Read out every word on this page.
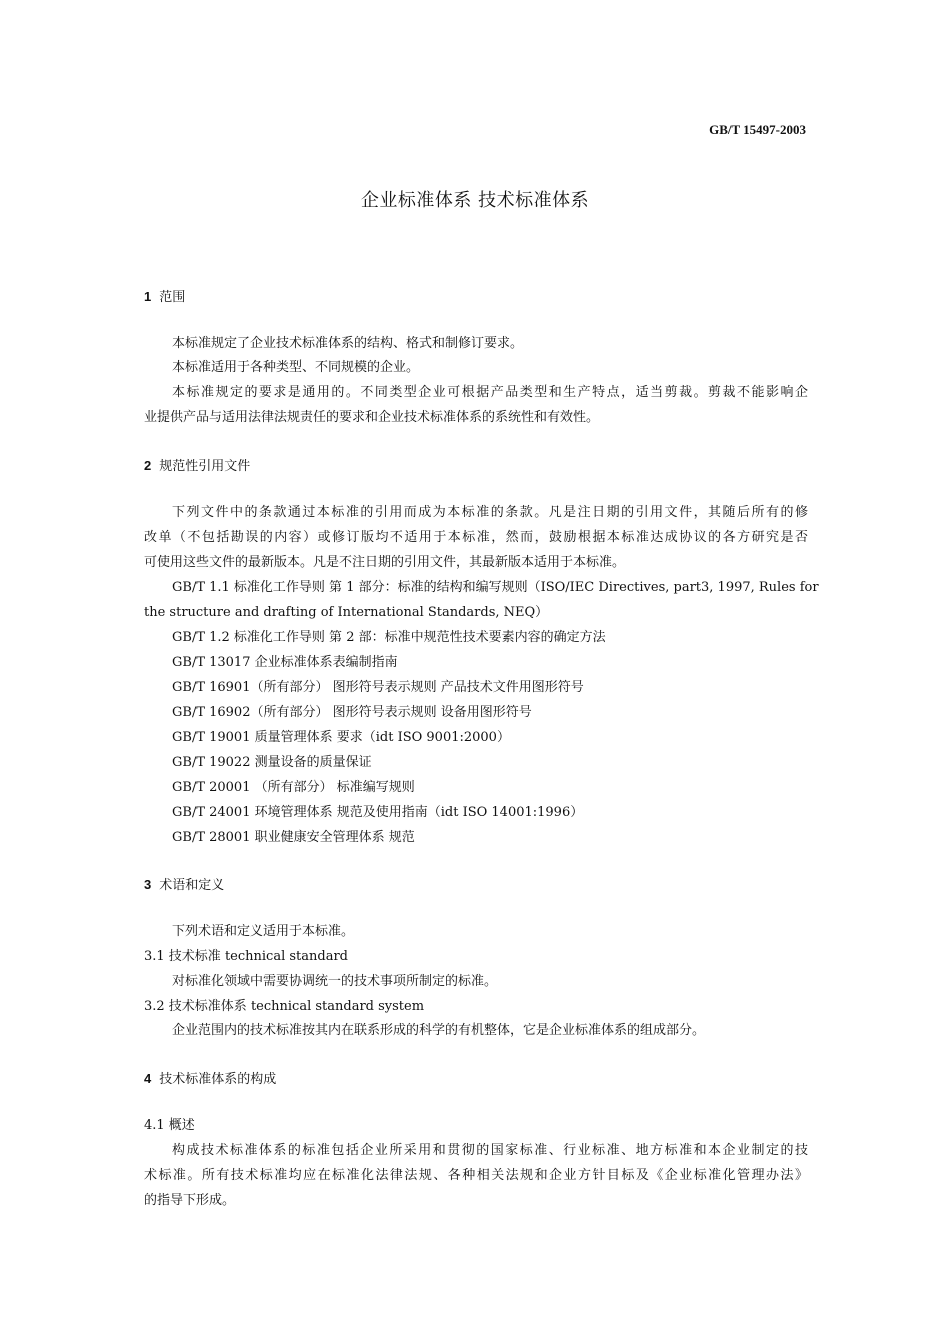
GB/T 15497-2003
企业标准体系 技术标准体系
1 范围
本标准规定了企业技术标准体系的结构、格式和制修订要求。
本标准适用于各种类型、不同规模的企业。
本标准规定的要求是通用的。不同类型企业可根据产品类型和生产特点，适当剪裁。剪裁不能影响企
业提供产品与适用法律法规责任的要求和企业技术标准体系的系统性和有效性。
2 规范性引用文件
下列文件中的条款通过本标准的引用而成为本标准的条款。凡是注日期的引用文件，其随后所有的修
改单（不包括勘误的内容）或修订版均不适用于本标准，然而，鼓励根据本标准达成协议的各方研究是否
可使用这些文件的最新版本。凡是不注日期的引用文件，其最新版本适用于本标准。
GB/T 1.1 标准化工作导则 第 1 部分：标准的结构和编写规则（ISO/IEC Directives, part3, 1997, Rules for
the structure and drafting of International Standards, NEQ）
GB/T 1.2 标准化工作导则 第 2 部：标准中规范性技术要素内容的确定方法
GB/T 13017 企业标准体系表编制指南
GB/T 16901（所有部分） 图形符号表示规则 产品技术文件用图形符号
GB/T 16902（所有部分） 图形符号表示规则 设备用图形符号
GB/T 19001 质量管理体系 要求（idt ISO 9001:2000）
GB/T 19022 测量设备的质量保证
GB/T 20001 （所有部分） 标准编写规则
GB/T 24001 环境管理体系 规范及使用指南（idt ISO 14001:1996）
GB/T 28001 职业健康安全管理体系 规范
3 术语和定义
下列术语和定义适用于本标准。
3.1 技术标准 technical standard
对标准化领域中需要协调统一的技术事项所制定的标准。
3.2 技术标准体系 technical standard system
企业范围内的技术标准按其内在联系形成的科学的有机整体，它是企业标准体系的组成部分。
4 技术标准体系的构成
4.1 概述
构成技术标准体系的标准包括企业所采用和贯彻的国家标准、行业标准、地方标准和本企业制定的技
术标准。所有技术标准均应在标准化法律法规、各种相关法规和企业方针目标及《企业标准化管理办法》
的指导下形成。
